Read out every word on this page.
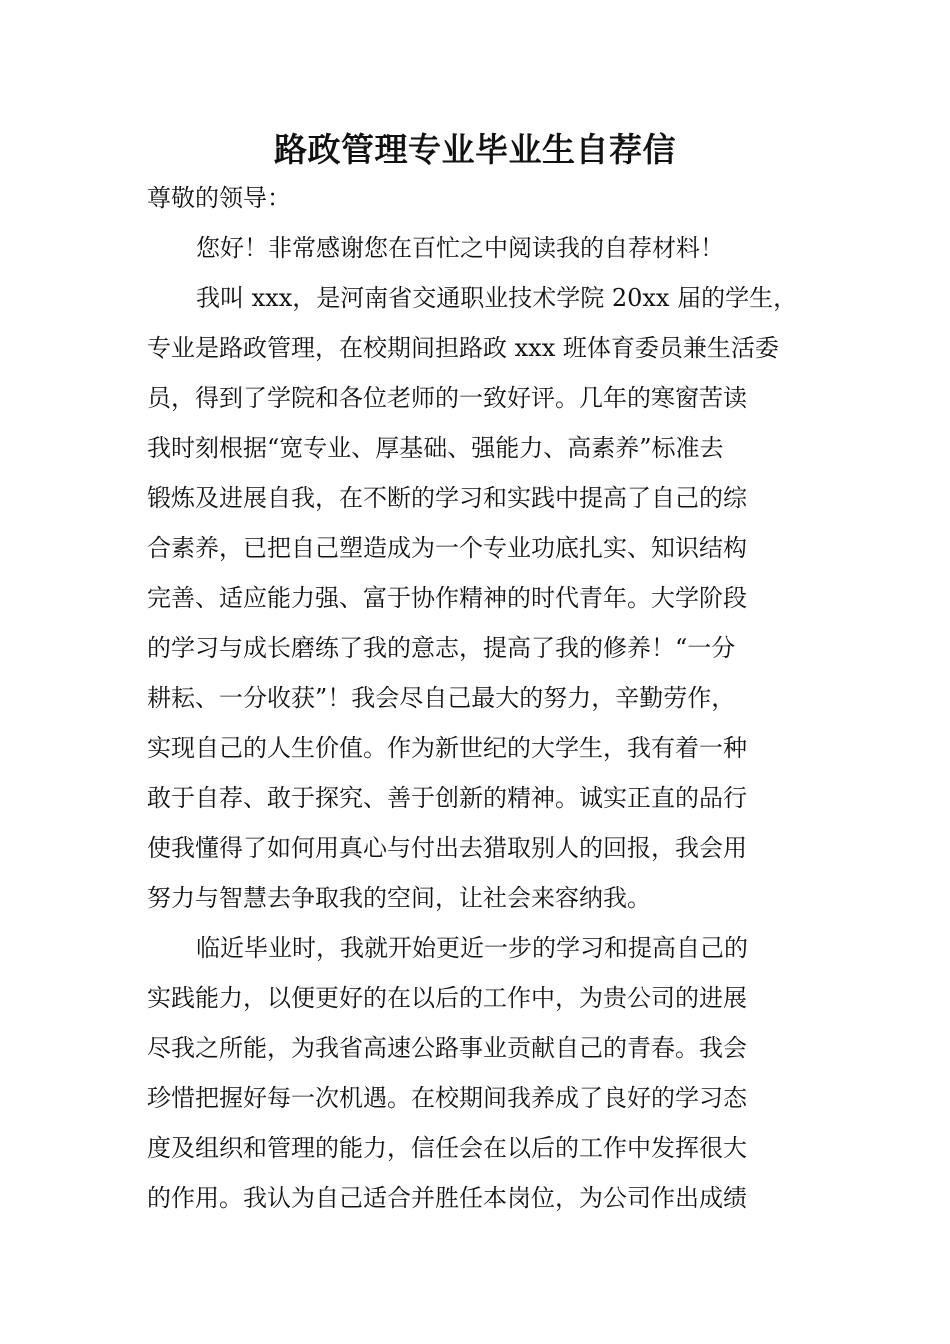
路政管理专业毕业生自荐信

尊敬的领导：

您好！非常感谢您在百忙之中阅读我的自荐材料！

我叫 xxx，是河南省交通职业技术学院 20xx 届的学生，

专业是路政管理，在校期间担路政 xxx 班体育委员兼生活委

员，得到了学院和各位老师的一致好评。几年的寒窗苦读

我时刻根据“宽专业、厚基础、强能力、高素养”标准去

锻炼及进展自我，在不断的学习和实践中提高了自己的综

合素养，已把自己塑造成为一个专业功底扎实、知识结构

完善、适应能力强、富于协作精神的时代青年。大学阶段

的学习与成长磨练了我的意志，提高了我的修养！“一分

耕耘、一分收获”！我会尽自己最大的努力，辛勤劳作，

实现自己的人生价值。作为新世纪的大学生，我有着一种

敢于自荐、敢于探究、善于创新的精神。诚实正直的品行

使我懂得了如何用真心与付出去猎取别人的回报，我会用

努力与智慧去争取我的空间，让社会来容纳我。

临近毕业时，我就开始更近一步的学习和提高自己的

实践能力，以便更好的在以后的工作中，为贵公司的进展

尽我之所能，为我省高速公路事业贡献自己的青春。我会

珍惜把握好每一次机遇。在校期间我养成了良好的学习态

度及组织和管理的能力，信任会在以后的工作中发挥很大

的作用。我认为自己适合并胜任本岗位，为公司作出成绩
